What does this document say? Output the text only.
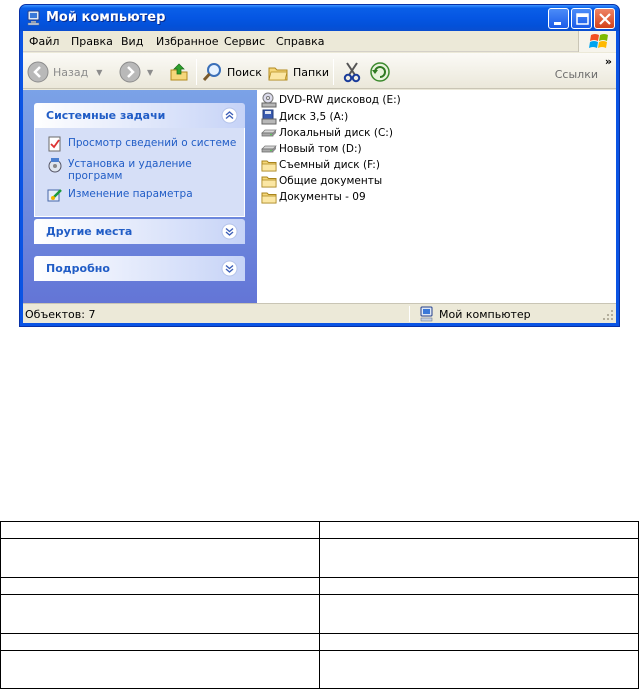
Мой компьютер
Файл Правка Вид Избранное Сервис Справка
Назад ▼	▼	Поиск	Папки	Ссылки
»
Системные задачи
Просмотр сведений о системе
Установка и удаление программ
Изменение параметра
Другие места
Подробно
DVD-RW дисковод (E:)
Диск 3,5 (A:)
Локальный диск (C:)
Новый том (D:)
Съемный диск (F:)
Общие документы
Документы - 09
Объектов: 7	Мой компьютер
